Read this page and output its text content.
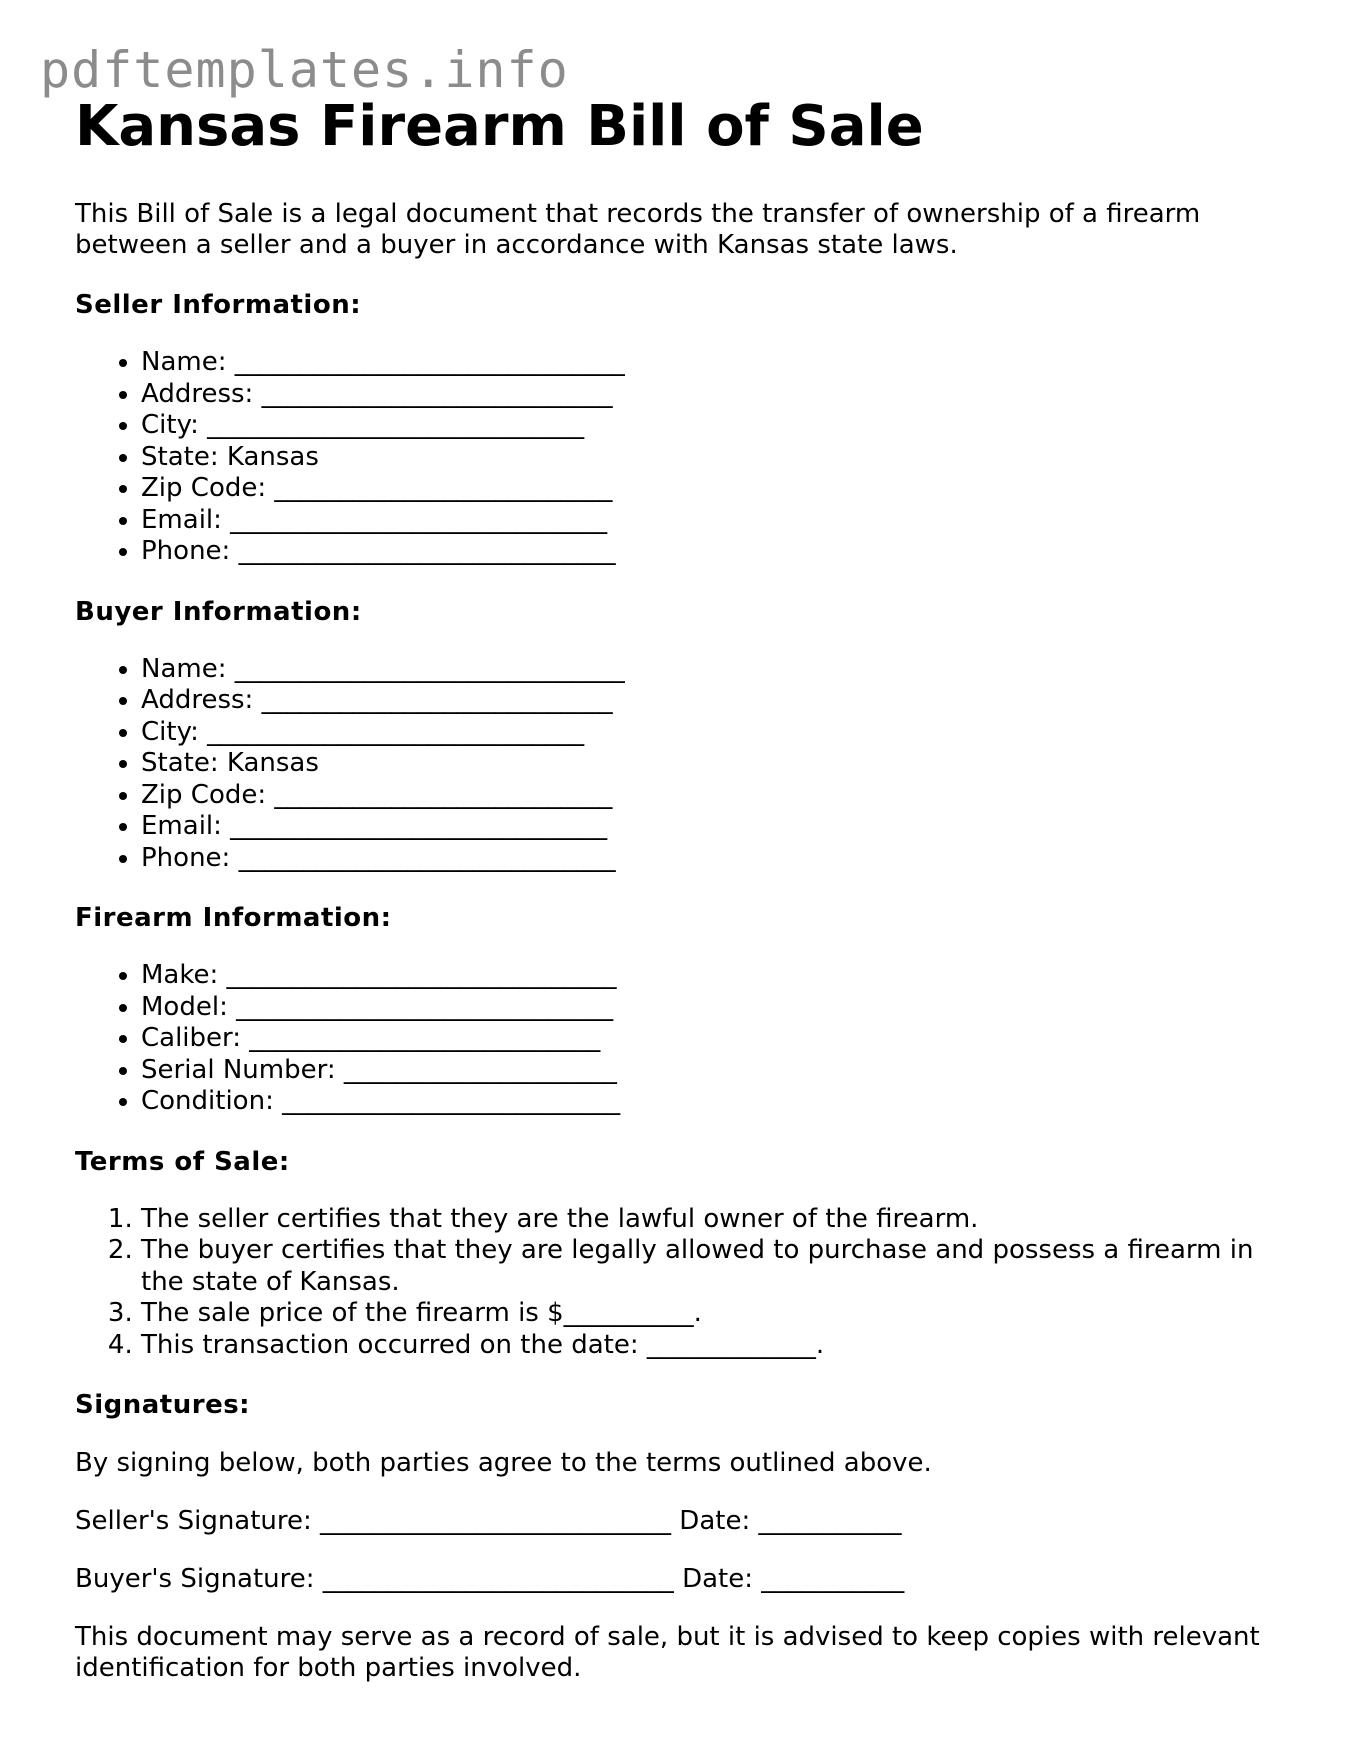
pdftemplates.info
Kansas Firearm Bill of Sale

This Bill of Sale is a legal document that records the transfer of ownership of a firearm between a seller and a buyer in accordance with Kansas state laws.

Seller Information:
• Name: ______________________________
• Address: ___________________________
• City: _____________________________
• State: Kansas
• Zip Code: __________________________
• Email: _____________________________
• Phone: _____________________________
Buyer Information:
• Name: ______________________________
• Address: ___________________________
• City: _____________________________
• State: Kansas
• Zip Code: __________________________
• Email: _____________________________
• Phone: _____________________________
Firearm Information:
• Make: ______________________________
• Model: _____________________________
• Caliber: ___________________________
• Serial Number: _____________________
• Condition: __________________________
Terms of Sale:
1. The seller certifies that they are the lawful owner of the firearm.
2. The buyer certifies that they are legally allowed to purchase and possess a firearm in the state of Kansas.
3. The sale price of the firearm is $__________.
4. This transaction occurred on the date: _____________.
Signatures:

By signing below, both parties agree to the terms outlined above.

Seller's Signature: ___________________________ Date: ___________

Buyer's Signature: ___________________________ Date: ___________

This document may serve as a record of sale, but it is advised to keep copies with relevant identification for both parties involved.
